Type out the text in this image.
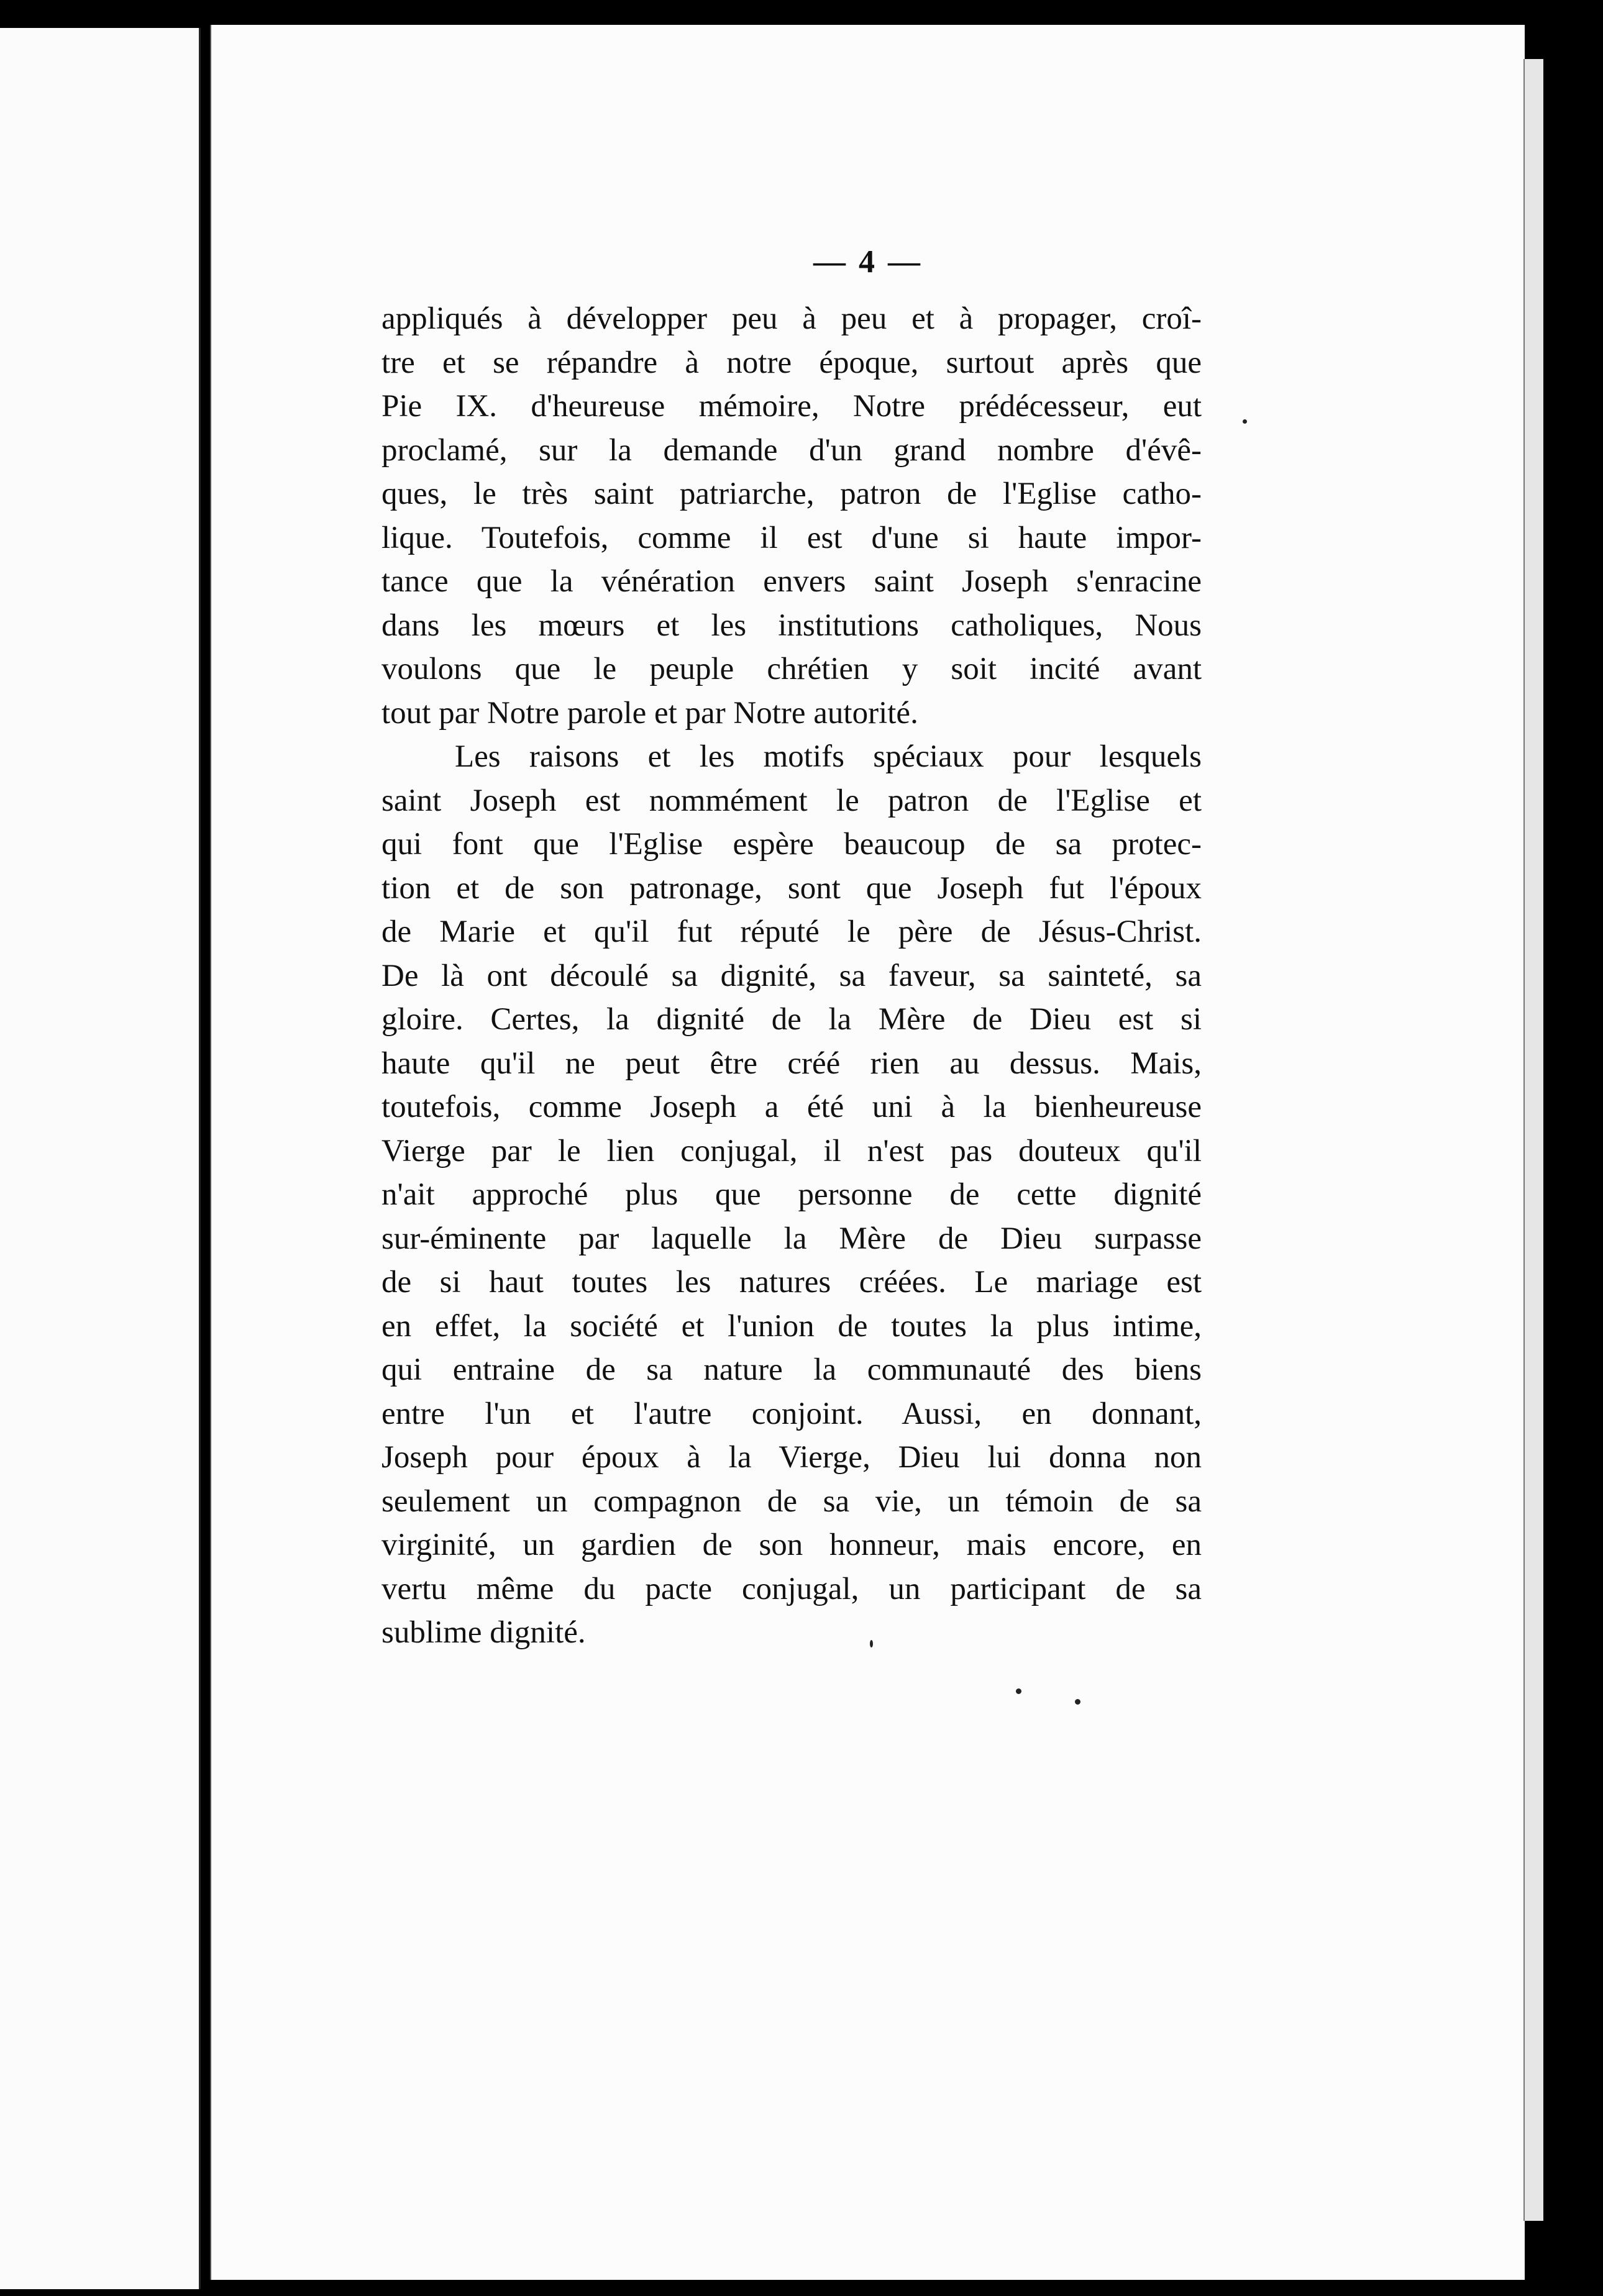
— 4 —
appliqués à développer peu à peu et à propager, croî-
tre et se répandre à notre époque, surtout après que
Pie IX. d'heureuse mémoire, Notre prédécesseur, eut
proclamé, sur la demande d'un grand nombre d'évê-
ques, le très saint patriarche, patron de l'Eglise catho-
lique. Toutefois, comme il est d'une si haute impor-
tance que la vénération envers saint Joseph s'enracine
dans les mœurs et les institutions catholiques, Nous
voulons que le peuple chrétien y soit incité avant
tout par Notre parole et par Notre autorité.
Les raisons et les motifs spéciaux pour lesquels
saint Joseph est nommément le patron de l'Eglise et
qui font que l'Eglise espère beaucoup de sa protec-
tion et de son patronage, sont que Joseph fut l'époux
de Marie et qu'il fut réputé le père de Jésus-Christ.
De là ont découlé sa dignité, sa faveur, sa sainteté, sa
gloire. Certes, la dignité de la Mère de Dieu est si
haute qu'il ne peut être créé rien au dessus. Mais,
toutefois, comme Joseph a été uni à la bienheureuse
Vierge par le lien conjugal, il n'est pas douteux qu'il
n'ait approché plus que personne de cette dignité
sur-éminente par laquelle la Mère de Dieu surpasse
de si haut toutes les natures créées. Le mariage est
en effet, la société et l'union de toutes la plus intime,
qui entraine de sa nature la communauté des biens
entre l'un et l'autre conjoint. Aussi, en donnant,
Joseph pour époux à la Vierge, Dieu lui donna non
seulement un compagnon de sa vie, un témoin de sa
virginité, un gardien de son honneur, mais encore, en
vertu même du pacte conjugal, un participant de sa
sublime dignité.
